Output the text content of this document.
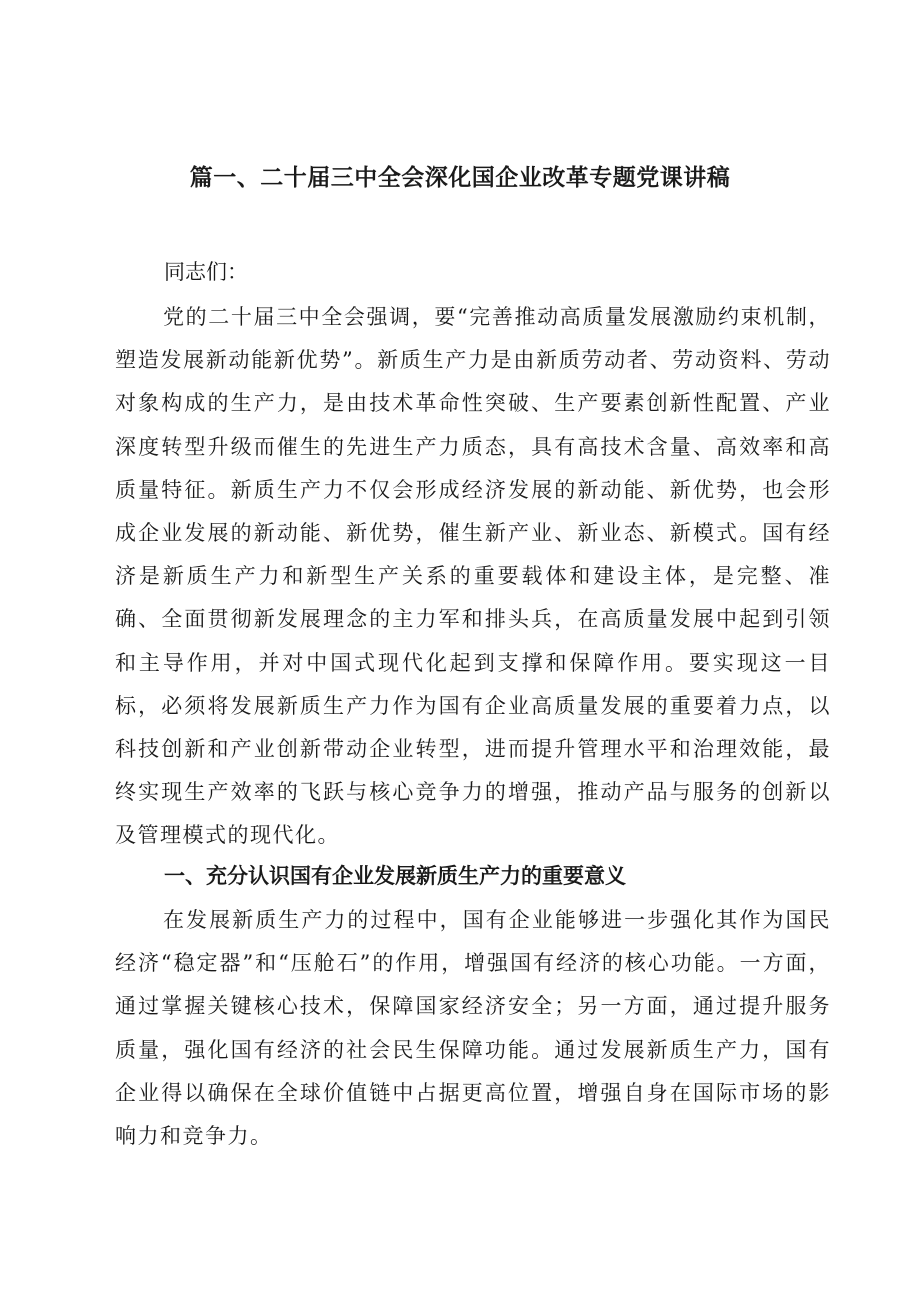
篇一、二十届三中全会深化国企业改革专题党课讲稿

同志们：

党的二十届三中全会强调，要“完善推动高质量发展激励约束机制，塑造发展新动能新优势”。新质生产力是由新质劳动者、劳动资料、劳动对象构成的生产力，是由技术革命性突破、生产要素创新性配置、产业深度转型升级而催生的先进生产力质态，具有高技术含量、高效率和高质量特征。新质生产力不仅会形成经济发展的新动能、新优势，也会形成企业发展的新动能、新优势，催生新产业、新业态、新模式。国有经济是新质生产力和新型生产关系的重要载体和建设主体，是完整、准确、全面贯彻新发展理念的主力军和排头兵，在高质量发展中起到引领和主导作用，并对中国式现代化起到支撑和保障作用。要实现这一目标，必须将发展新质生产力作为国有企业高质量发展的重要着力点，以科技创新和产业创新带动企业转型，进而提升管理水平和治理效能，最终实现生产效率的飞跃与核心竞争力的增强，推动产品与服务的创新以及管理模式的现代化。

一、充分认识国有企业发展新质生产力的重要意义

在发展新质生产力的过程中，国有企业能够进一步强化其作为国民经济“稳定器”和“压舱石”的作用，增强国有经济的核心功能。一方面，通过掌握关键核心技术，保障国家经济安全；另一方面，通过提升服务质量，强化国有经济的社会民生保障功能。通过发展新质生产力，国有企业得以确保在全球价值链中占据更高位置，增强自身在国际市场的影响力和竞争力。
